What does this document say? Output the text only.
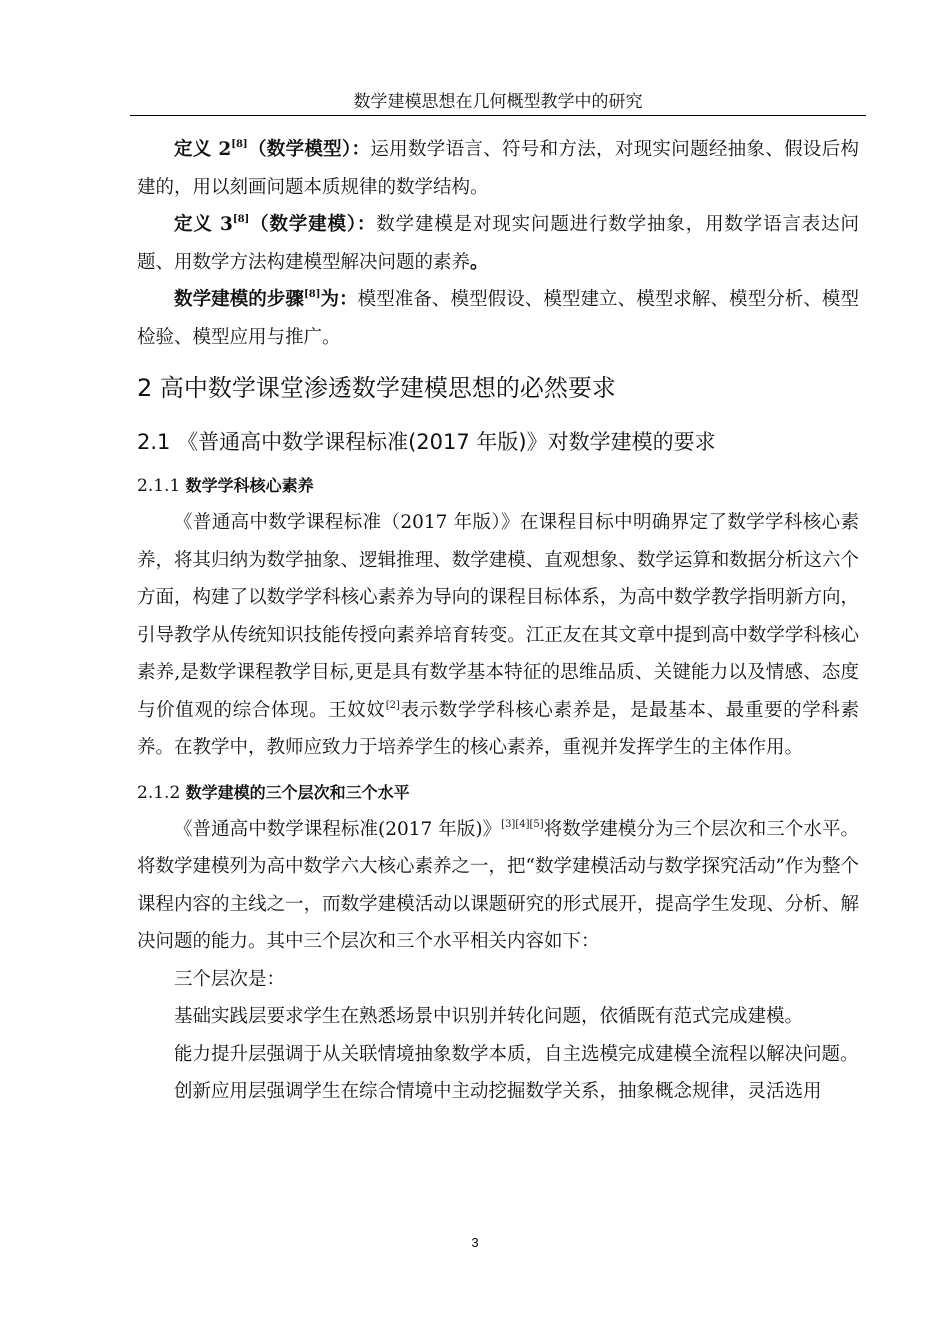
数学建模思想在几何概型教学中的研究

定义 2[8]（数学模型）：运用数学语言、符号和方法，对现实问题经抽象、假设后构建的，用以刻画问题本质规律的数学结构。

定义 3[8]（数学建模）：数学建模是对现实问题进行数学抽象，用数学语言表达问题、用数学方法构建模型解决问题的素养。

数学建模的步骤[8]为：模型准备、模型假设、模型建立、模型求解、模型分析、模型检验、模型应用与推广。

2 高中数学课堂渗透数学建模思想的必然要求
2.1 《普通高中数学课程标准(2017 年版)》对数学建模的要求
2.1.1 数学学科核心素养

《普通高中数学课程标准（2017 年版）》在课程目标中明确界定了数学学科核心素养，将其归纳为数学抽象、逻辑推理、数学建模、直观想象、数学运算和数据分析这六个方面，构建了以数学学科核心素养为导向的课程目标体系，为高中数学教学指明新方向，引导教学从传统知识技能传授向素养培育转变。江正友在其文章中提到高中数学学科核心素养,是数学课程教学目标,更是具有数学基本特征的思维品质、关键能力以及情感、态度与价值观的综合体现。王妏妏[2]表示数学学科核心素养是，是最基本、最重要的学科素养。在教学中，教师应致力于培养学生的核心素养，重视并发挥学生的主体作用。

2.1.2 数学建模的三个层次和三个水平

《普通高中数学课程标准(2017 年版)》[3][4][5]将数学建模分为三个层次和三个水平。将数学建模列为高中数学六大核心素养之一，把“数学建模活动与数学探究活动”作为整个课程内容的主线之一，而数学建模活动以课题研究的形式展开，提高学生发现、分析、解决问题的能力。其中三个层次和三个水平相关内容如下：

三个层次是：

基础实践层要求学生在熟悉场景中识别并转化问题，依循既有范式完成建模。

能力提升层强调于从关联情境抽象数学本质，自主选模完成建模全流程以解决问题。

创新应用层强调学生在综合情境中主动挖掘数学关系，抽象概念规律，灵活选用

3
